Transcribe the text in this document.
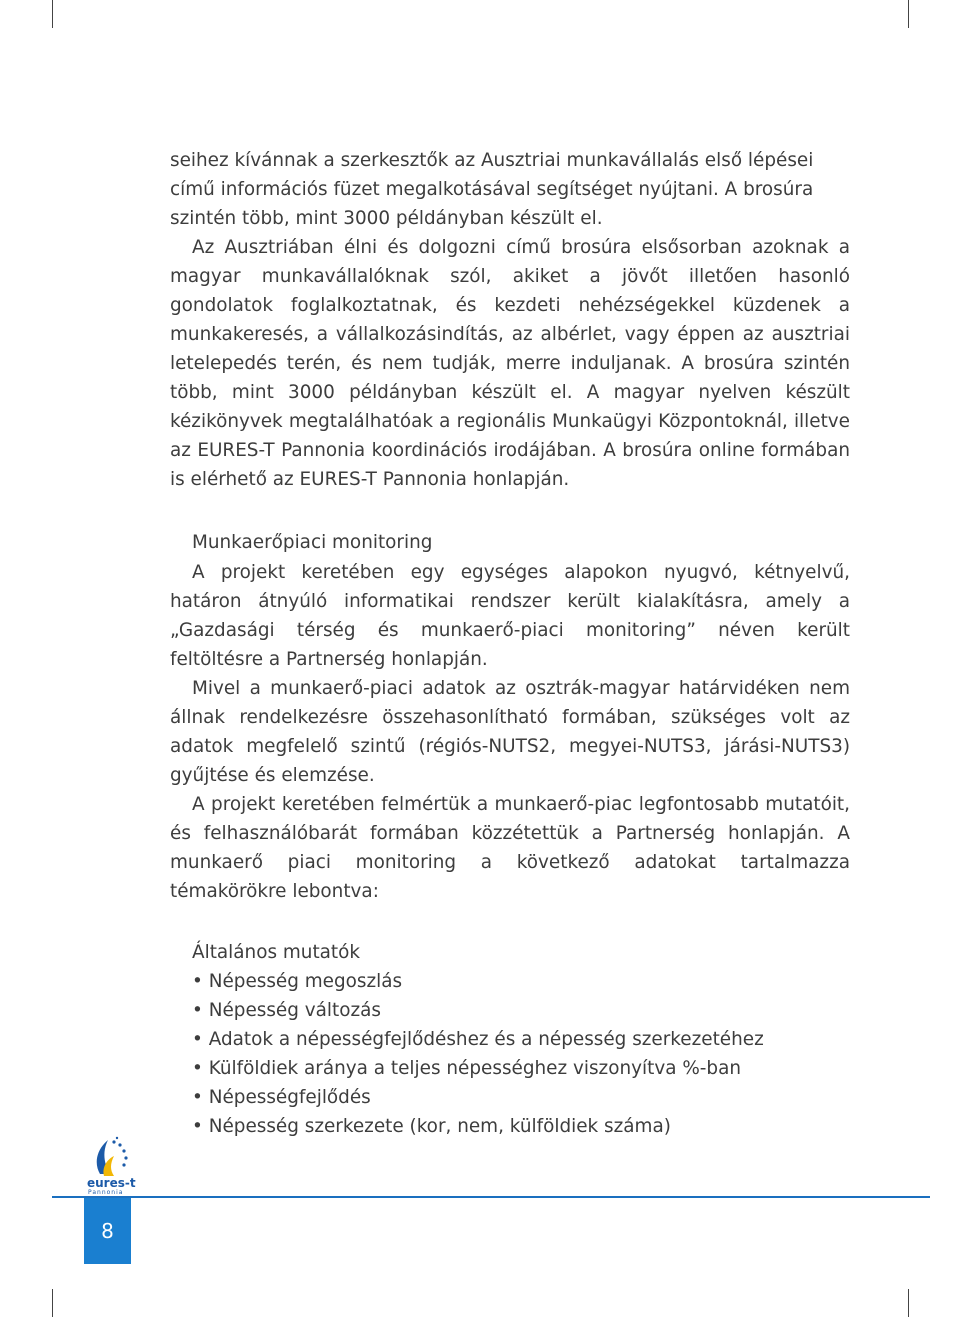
seihez kívánnak a szerkesztők az Ausztriai munkavállalás első lépései

című információs füzet megalkotásával segítséget nyújtani. A brosúra

szintén több, mint 3000 példányban készült el.

Az Ausztriában élni és dolgozni című brosúra elsősorban azoknak a magyar munkavállalóknak szól, akiket a jövőt illetően hasonló gondolatok foglalkoztatnak, és kezdeti nehézségekkel küzdenek a munkakeresés, a vállalkozásindítás, az albérlet, vagy éppen az ausztriai letelepedés terén, és nem tudják, merre induljanak. A brosúra szintén több, mint 3000 példányban készült el. A magyar nyelven készült kézikönyvek megtalálhatóak a regionális Munkaügyi Központoknál, illetve az EURES-T Pannonia koordinációs irodájában. A brosúra online formában is elérhető az EURES-T Pannonia honlapján.

Munkaerőpiaci monitoring

A projekt keretében egy egységes alapokon nyugvó, kétnyelvű, határon átnyúló informatikai rendszer került kialakításra, amely a „Gazdasági térség és munkaerő-piaci monitoring” néven került feltöltésre a Partnerség honlapján.

Mivel a munkaerő-piaci adatok az osztrák-magyar határvidéken nem állnak rendelkezésre összehasonlítható formában, szükséges volt az adatok megfelelő szintű (régiós-NUTS2, megyei-NUTS3, járási-NUTS3) gyűjtése és elemzése.

A projekt keretében felmértük a munkaerő-piac legfontosabb mutatóit, és felhasználóbarát formában közzétettük a Partnerség honlapján. A munkaerő piaci monitoring a következő adatokat tartalmazza témakörökre lebontva:

Általános mutatók

• Népesség megoszlás
• Népesség változás
• Adatok a népességfejlődéshez és a népesség szerkezetéhez
• Külföldiek aránya a teljes népességhez viszonyítva %-ban
• Népességfejlődés
• Népesség szerkezete (kor, nem, külföldiek száma)
eures-t
Pannonia
8
